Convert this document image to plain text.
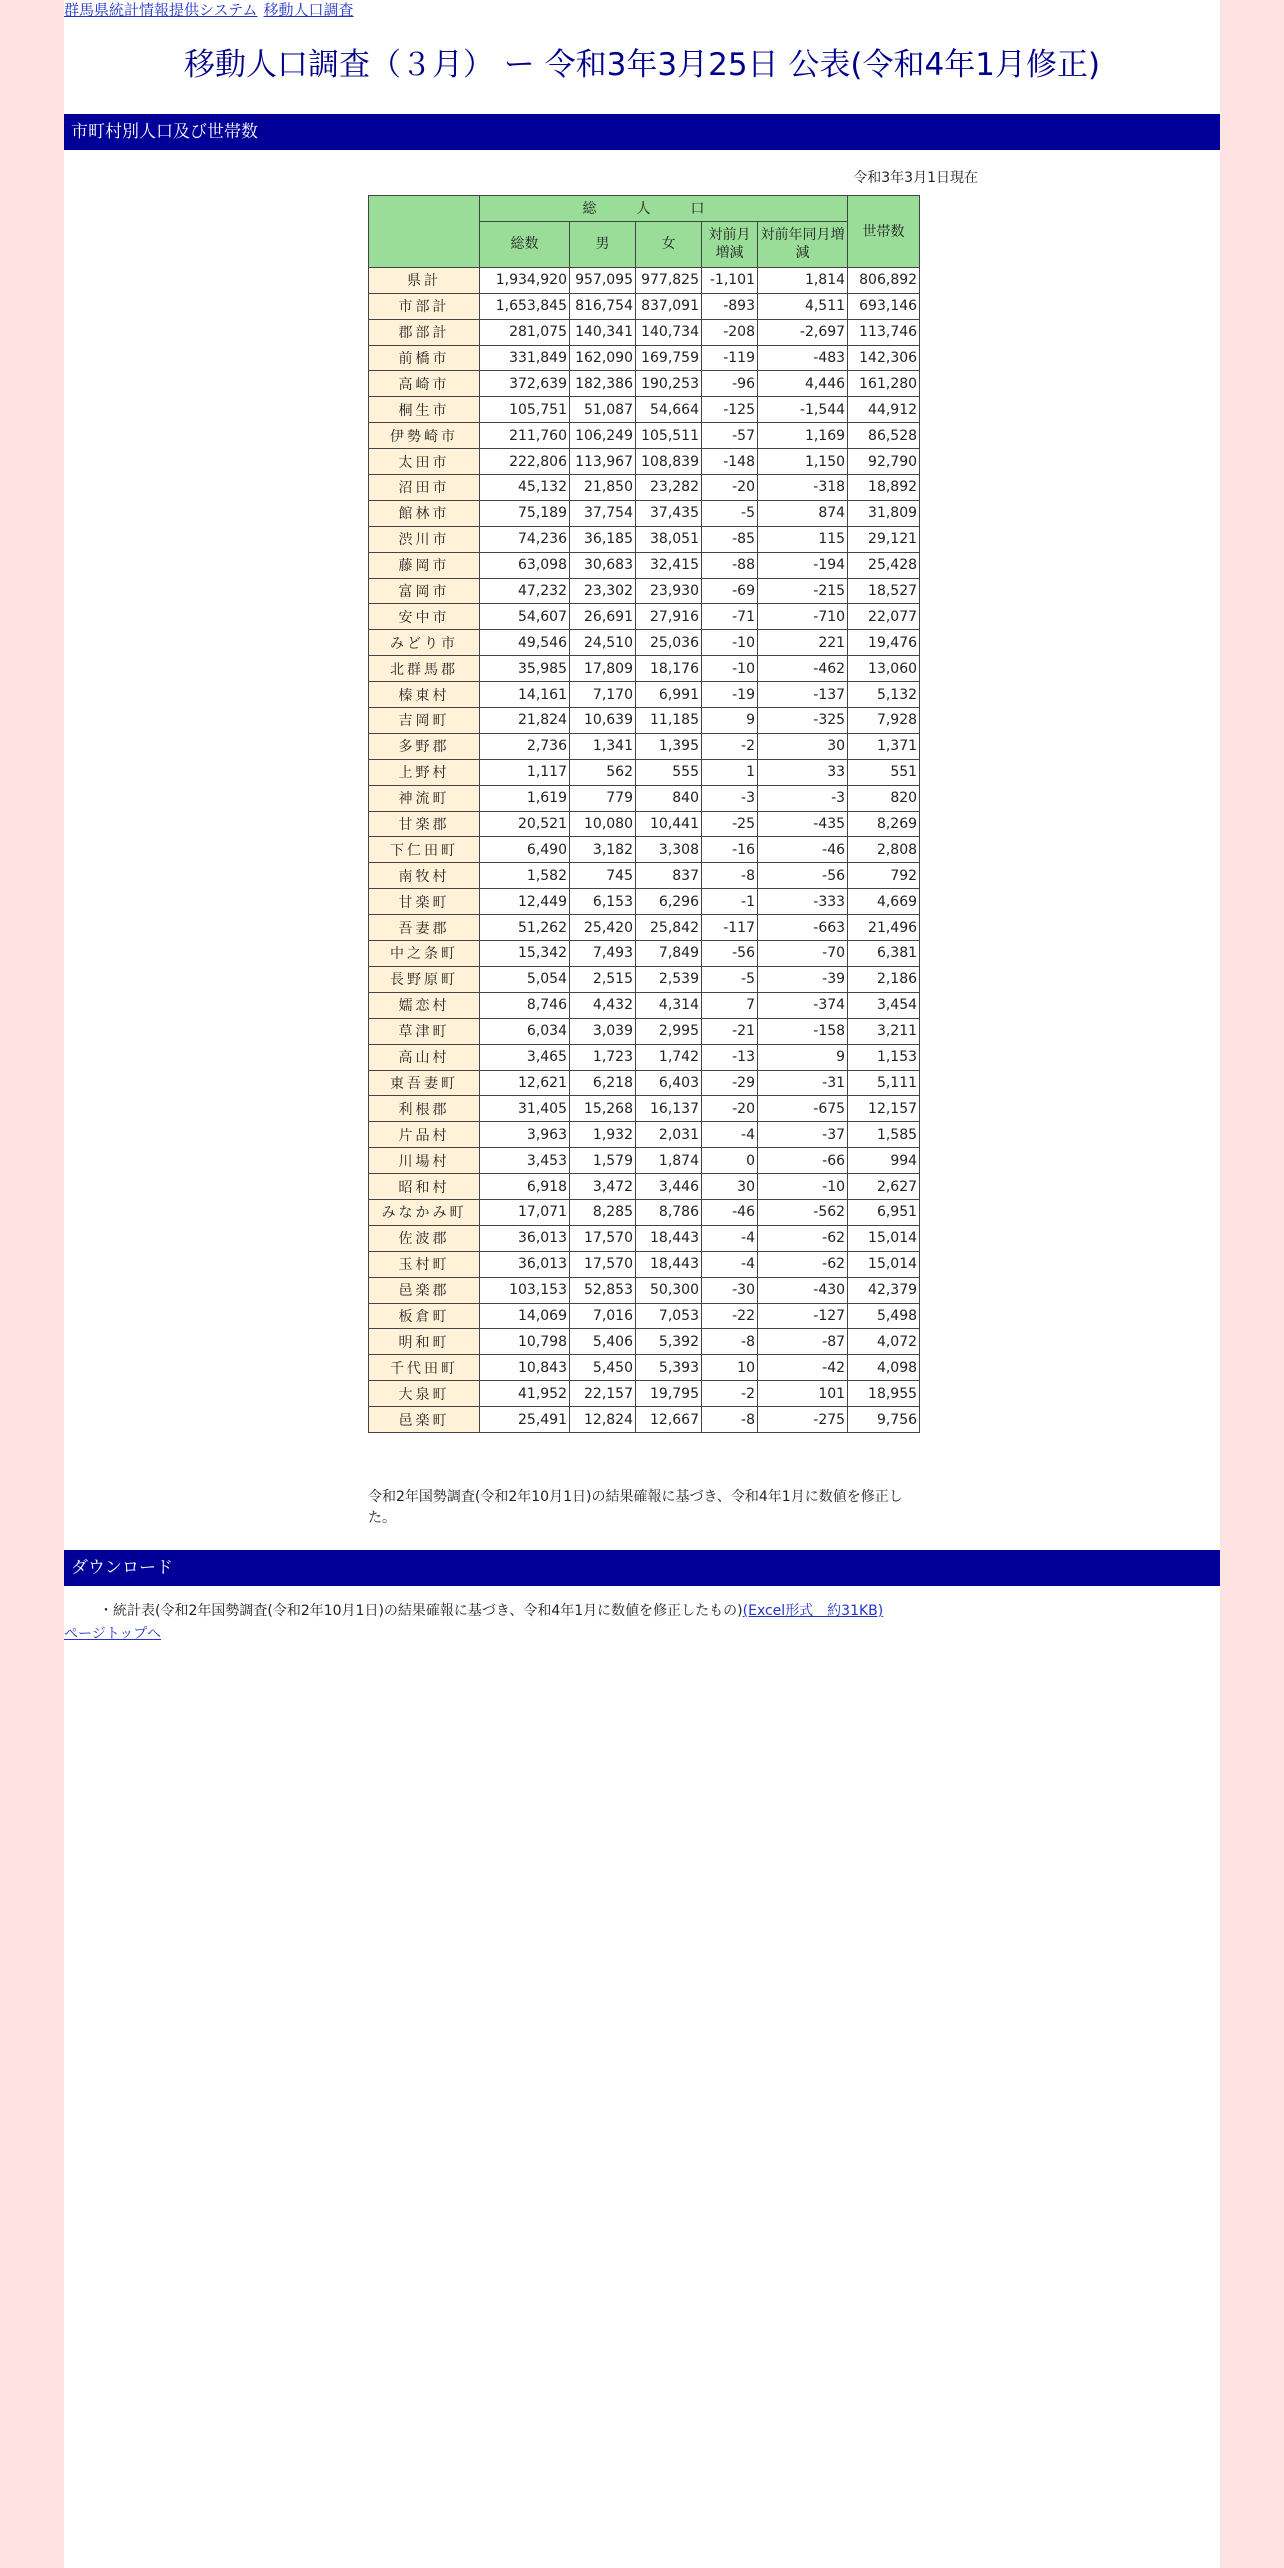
群馬県統計情報提供システム 移動人口調査
移動人口調査（３月） ー 令和3年3月25日 公表(令和4年1月修正)
市町村別人口及び世帯数
令和3年3月1日現在
	総人口					世帯数
	総数	男	女	対前月増減	対前年同月増減	
県計	1,934,920	957,095	977,825	-1,101	1,814	806,892
市部計	1,653,845	816,754	837,091	-893	4,511	693,146
郡部計	281,075	140,341	140,734	-208	-2,697	113,746
前橋市	331,849	162,090	169,759	-119	-483	142,306
高崎市	372,639	182,386	190,253	-96	4,446	161,280
桐生市	105,751	51,087	54,664	-125	-1,544	44,912
伊勢崎市	211,760	106,249	105,511	-57	1,169	86,528
太田市	222,806	113,967	108,839	-148	1,150	92,790
沼田市	45,132	21,850	23,282	-20	-318	18,892
館林市	75,189	37,754	37,435	-5	874	31,809
渋川市	74,236	36,185	38,051	-85	115	29,121
藤岡市	63,098	30,683	32,415	-88	-194	25,428
富岡市	47,232	23,302	23,930	-69	-215	18,527
安中市	54,607	26,691	27,916	-71	-710	22,077
みどり市	49,546	24,510	25,036	-10	221	19,476
北群馬郡	35,985	17,809	18,176	-10	-462	13,060
榛東村	14,161	7,170	6,991	-19	-137	5,132
吉岡町	21,824	10,639	11,185	9	-325	7,928
多野郡	2,736	1,341	1,395	-2	30	1,371
上野村	1,117	562	555	1	33	551
神流町	1,619	779	840	-3	-3	820
甘楽郡	20,521	10,080	10,441	-25	-435	8,269
下仁田町	6,490	3,182	3,308	-16	-46	2,808
南牧村	1,582	745	837	-8	-56	792
甘楽町	12,449	6,153	6,296	-1	-333	4,669
吾妻郡	51,262	25,420	25,842	-117	-663	21,496
中之条町	15,342	7,493	7,849	-56	-70	6,381
長野原町	5,054	2,515	2,539	-5	-39	2,186
嬬恋村	8,746	4,432	4,314	7	-374	3,454
草津町	6,034	3,039	2,995	-21	-158	3,211
高山村	3,465	1,723	1,742	-13	9	1,153
東吾妻町	12,621	6,218	6,403	-29	-31	5,111
利根郡	31,405	15,268	16,137	-20	-675	12,157
片品村	3,963	1,932	2,031	-4	-37	1,585
川場村	3,453	1,579	1,874	0	-66	994
昭和村	6,918	3,472	3,446	30	-10	2,627
みなかみ町	17,071	8,285	8,786	-46	-562	6,951
佐波郡	36,013	17,570	18,443	-4	-62	15,014
玉村町	36,013	17,570	18,443	-4	-62	15,014
邑楽郡	103,153	52,853	50,300	-30	-430	42,379
板倉町	14,069	7,016	7,053	-22	-127	5,498
明和町	10,798	5,406	5,392	-8	-87	4,072
千代田町	10,843	5,450	5,393	10	-42	4,098
大泉町	41,952	22,157	19,795	-2	101	18,955
邑楽町	25,491	12,824	12,667	-8	-275	9,756
令和2年国勢調査(令和2年10月1日)の結果確報に基づき、令和4年1月に数値を修正した。
ダウンロード
・統計表(令和2年国勢調査(令和2年10月1日)の結果確報に基づき、令和4年1月に数値を修正したもの)(Excel形式　約31KB)
ページトップへ
